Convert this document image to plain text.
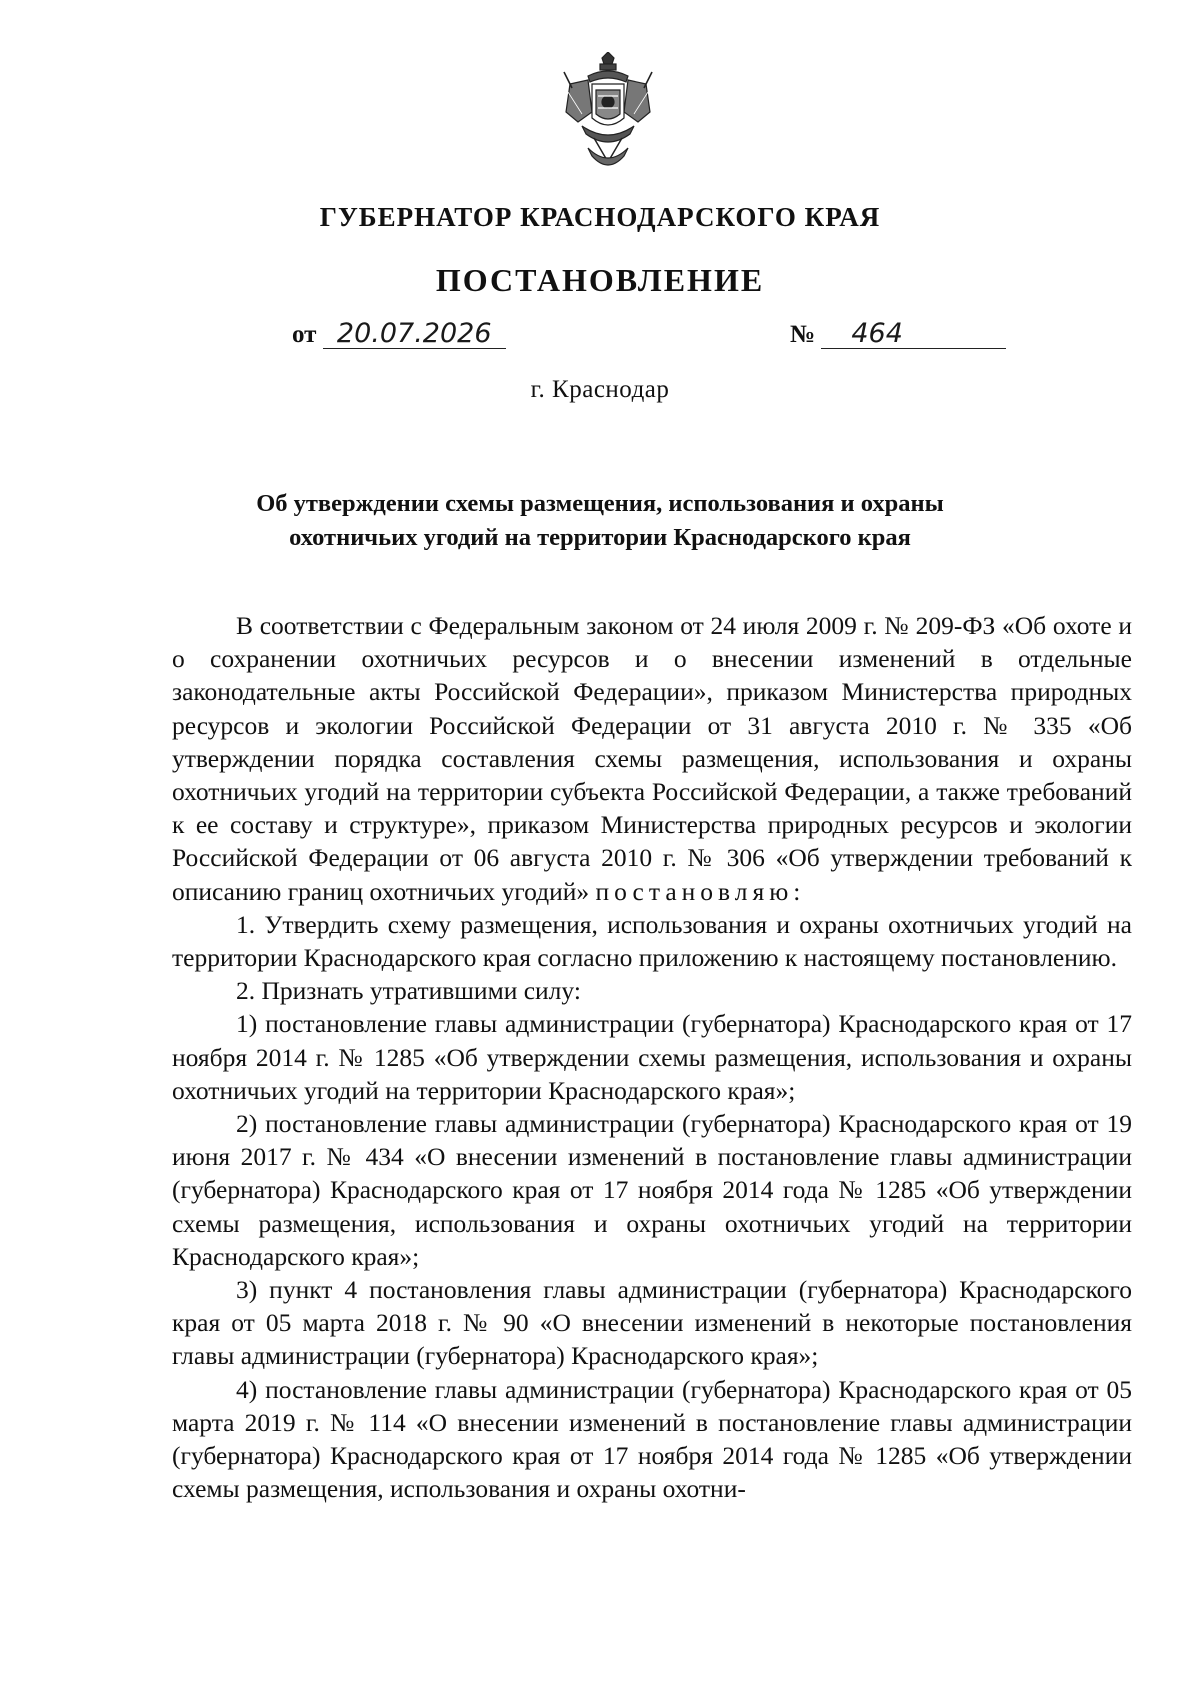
ГУБЕРНАТОР КРАСНОДАРСКОГО КРАЯ
ПОСТАНОВЛЕНИЕ
от 20.07.2026	№ 464
г. Краснодар
Об утверждении схемы размещения, использования и охраны
охотничьих угодий на территории Краснодарского края

В соответствии с Федеральным законом от 24 июля 2009 г. № 209-ФЗ «Об охоте и о сохранении охотничьих ресурсов и о внесении изменений в отдельные законодательные акты Российской Федерации», приказом Министерства природных ресурсов и экологии Российской Федерации от 31 августа 2010 г. № 335 «Об утверждении порядка составления схемы размещения, использования и охраны охотничьих угодий на территории субъекта Российской Федерации, а также требований к ее составу и структуре», приказом Министерства природных ресурсов и экологии Российской Федерации от 06 августа 2010 г. № 306 «Об утверждении требований к описанию границ охотничьих угодий» постановляю:

1. Утвердить схему размещения, использования и охраны охотничьих угодий на территории Краснодарского края согласно приложению к настоящему постановлению.

2. Признать утратившими силу:

1) постановление главы администрации (губернатора) Краснодарского края от 17 ноября 2014 г. № 1285 «Об утверждении схемы размещения, использования и охраны охотничьих угодий на территории Краснодарского края»;

2) постановление главы администрации (губернатора) Краснодарского края от 19 июня 2017 г. № 434 «О внесении изменений в постановление главы администрации (губернатора) Краснодарского края от 17 ноября 2014 года № 1285 «Об утверждении схемы размещения, использования и охраны охотничьих угодий на территории Краснодарского края»;

3) пункт 4 постановления главы администрации (губернатора) Краснодарского края от 05 марта 2018 г. № 90 «О внесении изменений в некоторые постановления главы администрации (губернатора) Краснодарского края»;

4) постановление главы администрации (губернатора) Краснодарского края от 05 марта 2019 г. № 114 «О внесении изменений в постановление главы администрации (губернатора) Краснодарского края от 17 ноября 2014 года № 1285 «Об утверждении схемы размещения, использования и охраны охотни-
